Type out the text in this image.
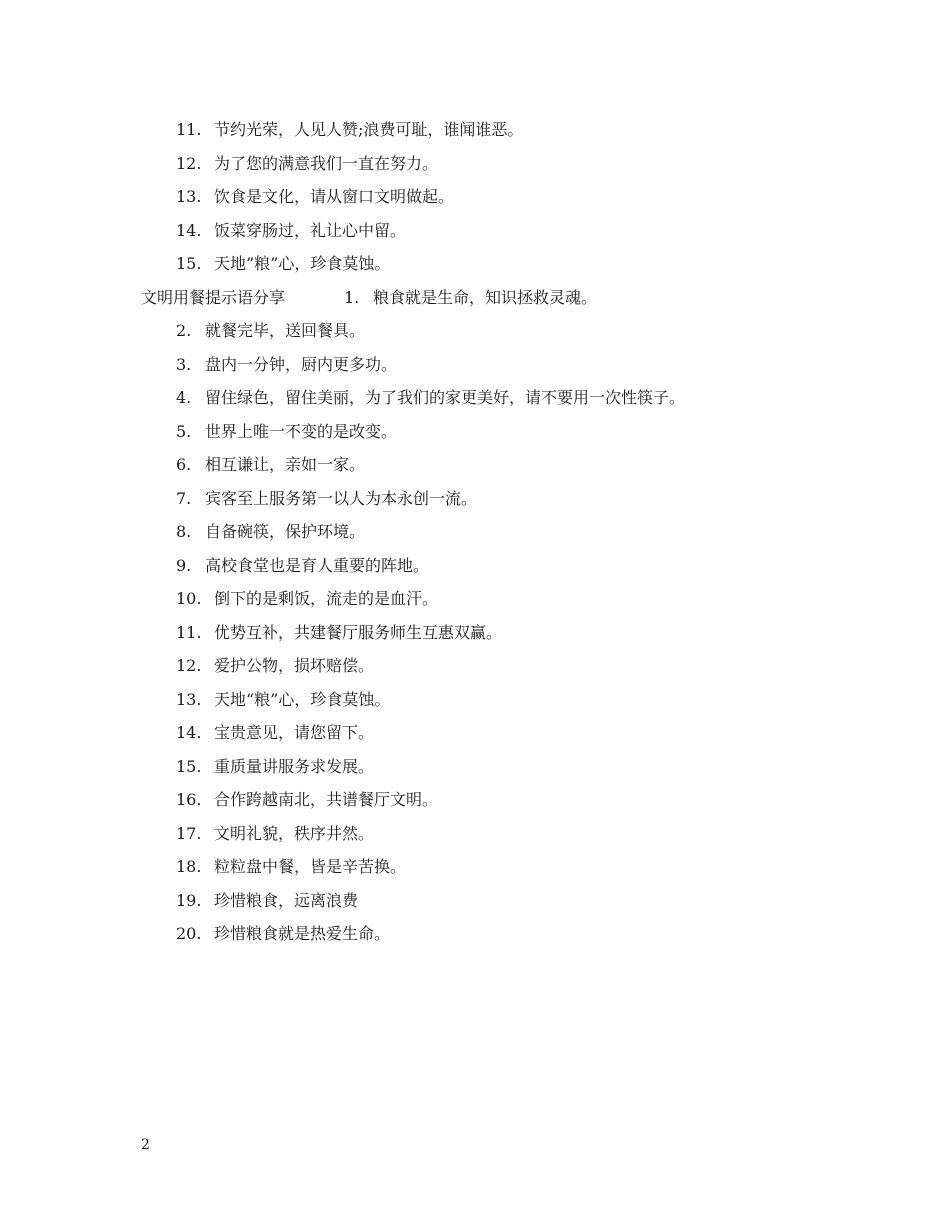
11. 节约光荣，人见人赞;浪费可耻，谁闻谁恶。
12. 为了您的满意我们一直在努力。
13. 饮食是文化，请从窗口文明做起。
14. 饭菜穿肠过，礼让心中留。
15. 天地”粮”心，珍食莫蚀。
文明用餐提示语分享	1. 粮食就是生命，知识拯救灵魂。
2. 就餐完毕，送回餐具。
3. 盘内一分钟，厨内更多功。
4. 留住绿色，留住美丽，为了我们的家更美好，请不要用一次性筷子。
5. 世界上唯一不变的是改变。
6. 相互谦让，亲如一家。
7. 宾客至上服务第一以人为本永创一流。
8. 自备碗筷，保护环境。
9. 高校食堂也是育人重要的阵地。
10. 倒下的是剩饭，流走的是血汗。
11. 优势互补，共建餐厅服务师生互惠双赢。
12. 爱护公物，损坏赔偿。
13. 天地“粮”心，珍食莫蚀。
14. 宝贵意见，请您留下。
15. 重质量讲服务求发展。
16. 合作跨越南北，共谱餐厅文明。
17. 文明礼貌，秩序井然。
18. 粒粒盘中餐，皆是辛苦换。
19. 珍惜粮食，远离浪费
20. 珍惜粮食就是热爱生命。
2
